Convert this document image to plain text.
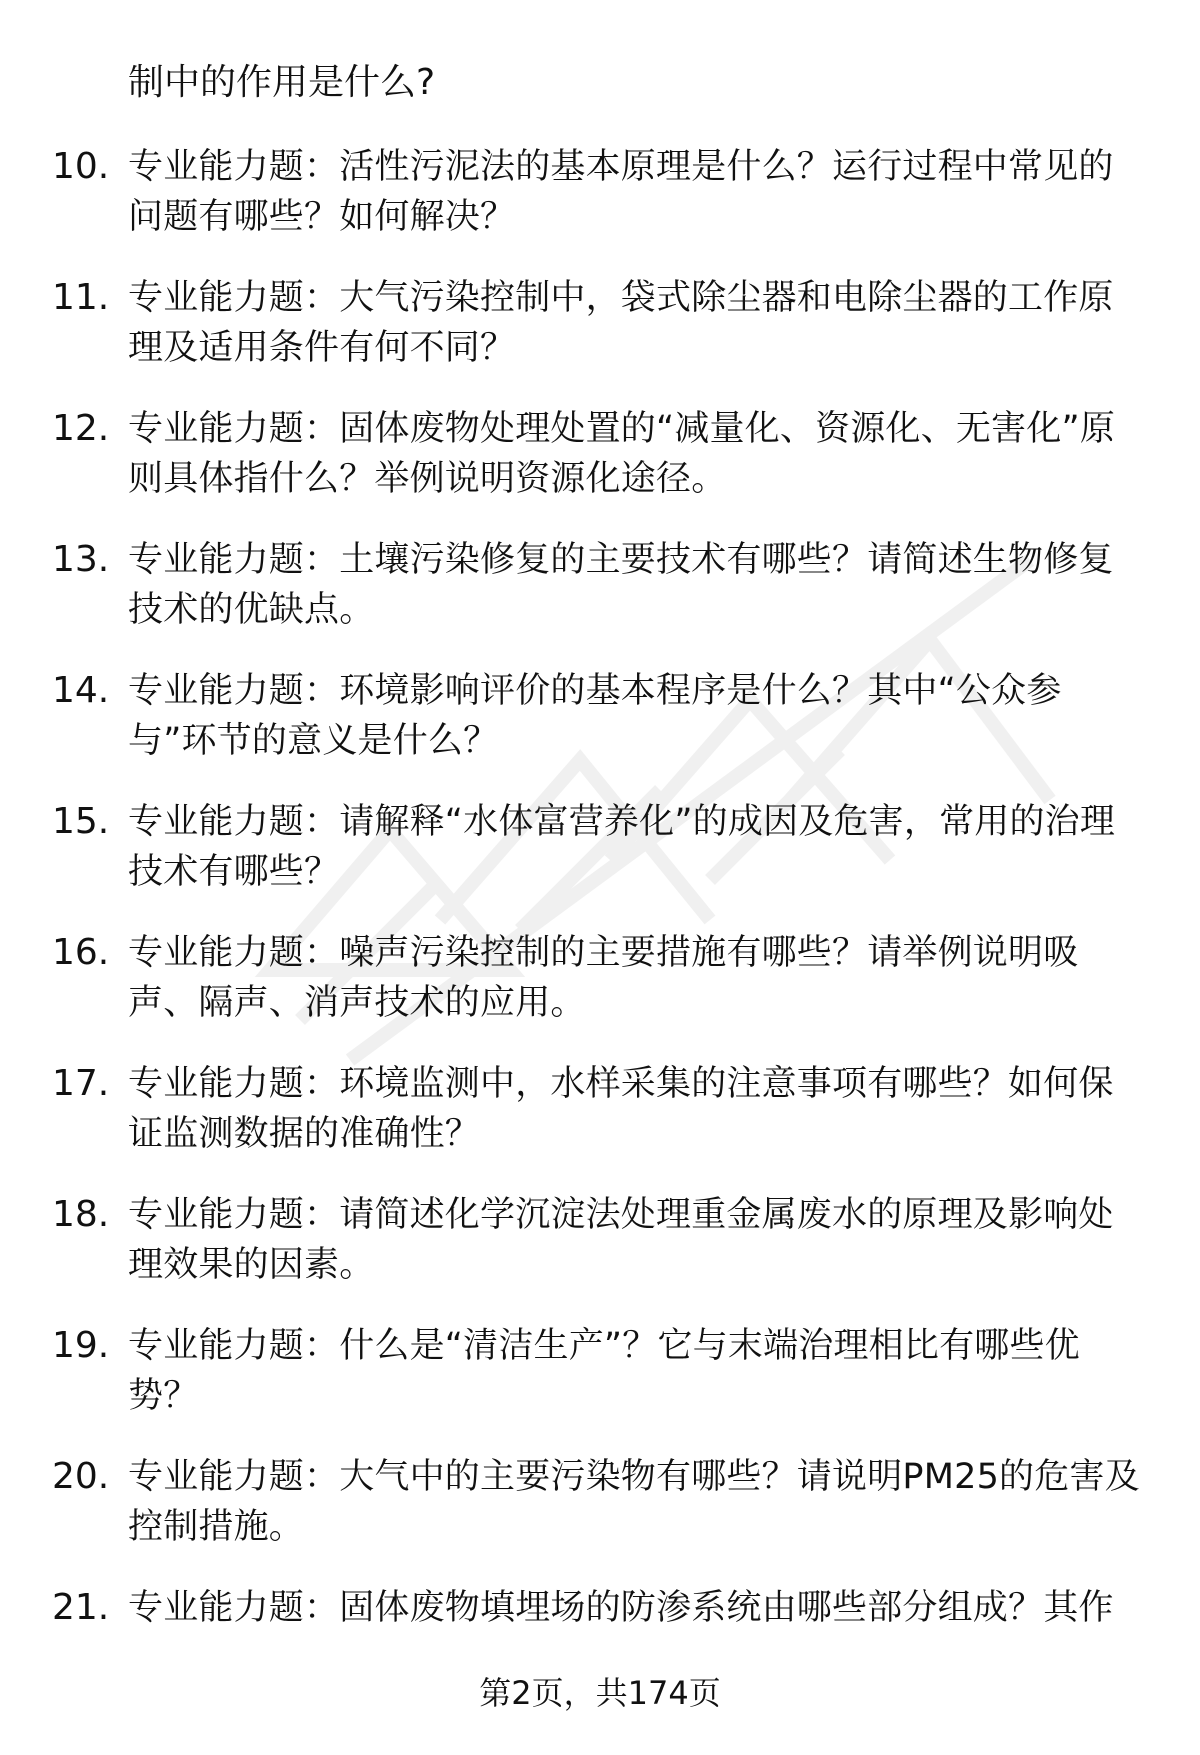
制中的作用是什么?

10. 专业能力题：活性污泥法的基本原理是什么？运行过程中常见的问题有哪些？如何解决？
11. 专业能力题：大气污染控制中，袋式除尘器和电除尘器的工作原理及适用条件有何不同？
12. 专业能力题：固体废物处理处置的“减量化、资源化、无害化”原则具体指什么？举例说明资源化途径。
13. 专业能力题：土壤污染修复的主要技术有哪些？请简述生物修复技术的优缺点。
14. 专业能力题：环境影响评价的基本程序是什么？其中“公众参与”环节的意义是什么？
15. 专业能力题：请解释“水体富营养化”的成因及危害，常用的治理技术有哪些？
16. 专业能力题：噪声污染控制的主要措施有哪些？请举例说明吸声、隔声、消声技术的应用。
17. 专业能力题：环境监测中，水样采集的注意事项有哪些？如何保证监测数据的准确性？
18. 专业能力题：请简述化学沉淀法处理重金属废水的原理及影响处理效果的因素。
19. 专业能力题：什么是“清洁生产”？它与末端治理相比有哪些优势？
20. 专业能力题：大气中的主要污染物有哪些？请说明PM25的危害及控制措施。
21. 专业能力题：固体废物填埋场的防渗系统由哪些部分组成？其作
第2页，共174页
